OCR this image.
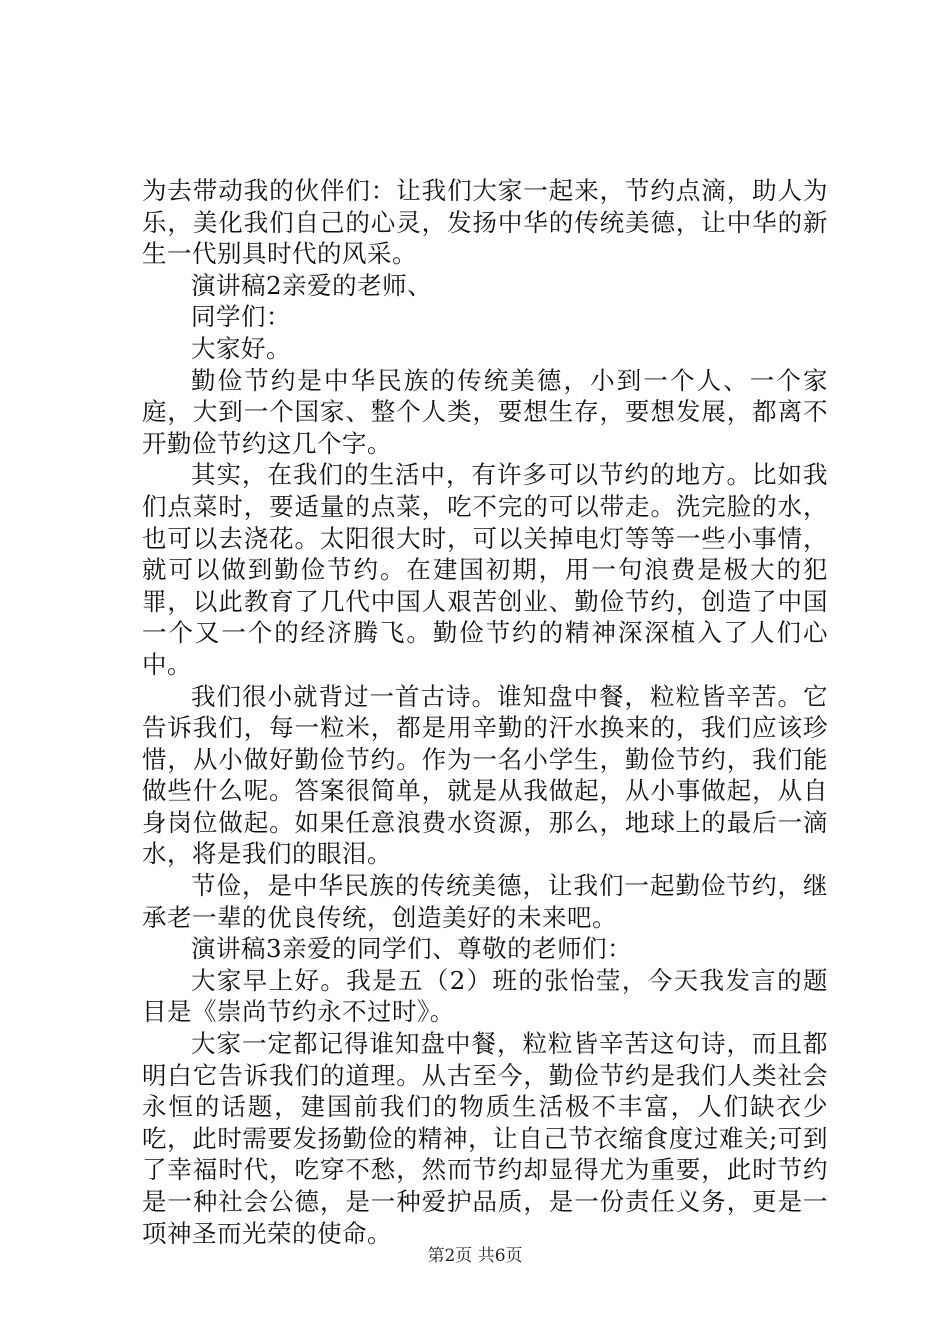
为去带动我的伙伴们：让我们大家一起来，节约点滴，助人为乐，美化我们自己的心灵，发扬中华的传统美德，让中华的新生一代别具时代的风采。

演讲稿2亲爱的老师、

同学们：

大家好。

勤俭节约是中华民族的传统美德，小到一个人、一个家庭，大到一个国家、整个人类，要想生存，要想发展，都离不开勤俭节约这几个字。

其实，在我们的生活中，有许多可以节约的地方。比如我们点菜时，要适量的点菜，吃不完的可以带走。洗完脸的水，也可以去浇花。太阳很大时，可以关掉电灯等等一些小事情，就可以做到勤俭节约。在建国初期，用一句浪费是极大的犯罪，以此教育了几代中国人艰苦创业、勤俭节约，创造了中国一个又一个的经济腾飞。勤俭节约的精神深深植入了人们心中。

我们很小就背过一首古诗。谁知盘中餐，粒粒皆辛苦。它告诉我们，每一粒米，都是用辛勤的汗水换来的，我们应该珍惜，从小做好勤俭节约。作为一名小学生，勤俭节约，我们能做些什么呢。答案很简单，就是从我做起，从小事做起，从自身岗位做起。如果任意浪费水资源，那么，地球上的最后一滴水，将是我们的眼泪。

节俭，是中华民族的传统美德，让我们一起勤俭节约，继承老一辈的优良传统，创造美好的未来吧。

演讲稿3亲爱的同学们、尊敬的老师们：

大家早上好。我是五（2）班的张怡莹，今天我发言的题目是《崇尚节约永不过时》。

大家一定都记得谁知盘中餐，粒粒皆辛苦这句诗，而且都明白它告诉我们的道理。从古至今，勤俭节约是我们人类社会永恒的话题，建国前我们的物质生活极不丰富，人们缺衣少吃，此时需要发扬勤俭的精神，让自己节衣缩食度过难关;可到了幸福时代，吃穿不愁，然而节约却显得尤为重要，此时节约是一种社会公德，是一种爱护品质，是一份责任义务，更是一项神圣而光荣的使命。

第2页 共6页
